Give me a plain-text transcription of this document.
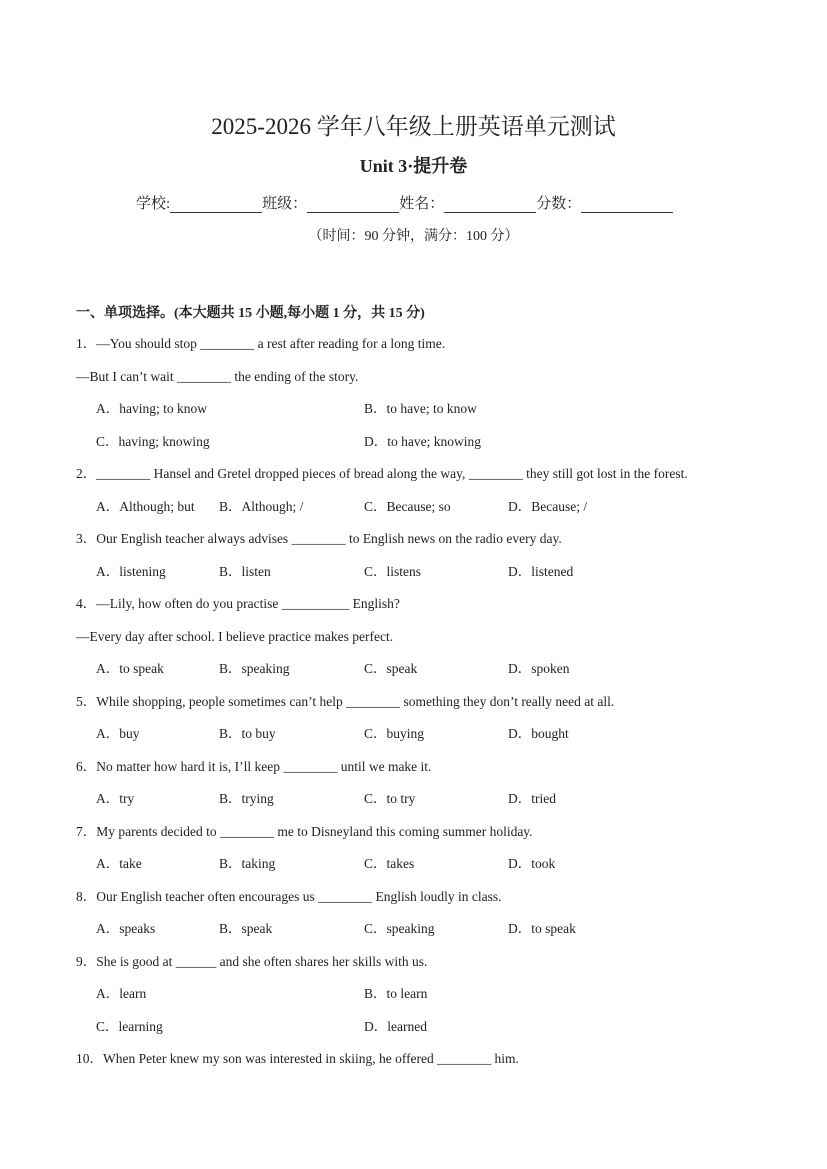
2025-2026 学年八年级上册英语单元测试
Unit 3·提升卷
学校:	班级：	姓名：	分数：
（时间：90 分钟，满分：100 分）
一、单项选择。(本大题共 15 小题,每小题 1 分，共 15 分)
1．—You should stop ________ a rest after reading for a long time.
—But I can’t wait ________ the ending of the story.
A．having; to know	B．to have; to know
C．having; knowing	D．to have; knowing
2．________ Hansel and Gretel dropped pieces of bread along the way, ________ they still got lost in the forest.
A．Although; but B．Although; /	C．Because; so	D．Because; /
3．Our English teacher always advises ________ to English news on the radio every day.
A．listening	B．listen	C．listens	D．listened
4．—Lily, how often do you practise __________ English?
—Every day after school. I believe practice makes perfect.
A．to speak	B．speaking	C．speak	D．spoken
5．While shopping, people sometimes can’t help ________ something they don’t really need at all.
A．buy	B．to buy	C．buying	D．bought
6．No matter how hard it is, I’ll keep ________ until we make it.
A．try	B．trying	C．to try	D．tried
7．My parents decided to ________ me to Disneyland this coming summer holiday.
A．take	B．taking	C．takes	D．took
8．Our English teacher often encourages us ________ English loudly in class.
A．speaks	B．speak	C．speaking	D．to speak
9．She is good at ______ and she often shares her skills with us.
A．learn	B．to learn
C．learning	D．learned
10．When Peter knew my son was interested in skiing, he offered ________ him.
